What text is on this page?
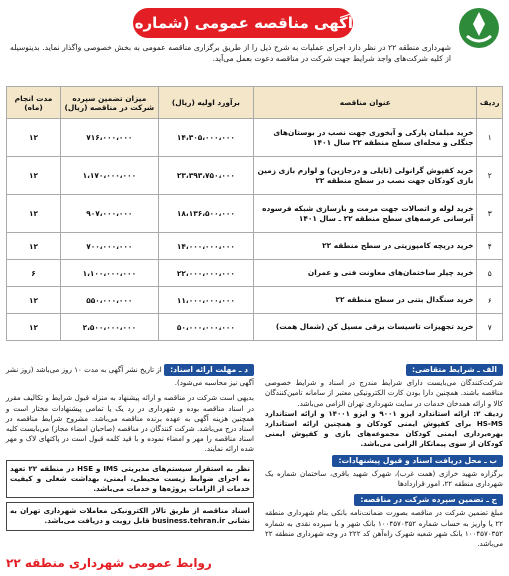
آگهی مناقصه عمومی (شماره ۲۱-۱۴۰۱)
شهرداری منطقه ۲۲ در نظر دارد اجرای عملیات به شرح ذیل را از طریق برگزاری مناقصه عمومی به بخش خصوصی واگذار نماید. بدینوسیله از کلیه شرکت‌های واجد شرایط جهت شرکت در مناقصه دعوت بعمل می‌آید.
ردیف	عنوان مناقصه	برآورد اولیه (ریال)	میزان تضمین سپرده شرکت در مناقصه (ریال)	مدت انجام (ماه)
۱	خرید مبلمان پارکی و آبخوری جهت نصب در بوستان‌های جنگلی و محله‌ای سطح منطقه ۲۲ سال ۱۴۰۱	۱۴،۳۰۵،۰۰۰،۰۰۰	۷۱۶،۰۰۰،۰۰۰	۱۲
۲	خرید کفپوش گرانولی (تایلی و درجازین) و لوازم بازی زمین بازی کودکان جهت نصب در سطح منطقه ۲۲	۲۳،۳۹۳،۷۵۰،۰۰۰	۱،۱۷۰،۰۰۰،۰۰۰	۱۲
۳	خرید لوله و اتصالات جهت مرمت و بازسازی شبکه فرسوده آبرسانی عرصه‌های سطح منطقه ۲۲ ـ سال ۱۴۰۱	۱۸،۱۳۶،۵۰۰،۰۰۰	۹۰۷،۰۰۰،۰۰۰	۱۲
۴	خرید دریچه کامپوزیتی در سطح منطقه ۲۲	۱۴،۰۰۰،۰۰۰،۰۰۰	۷۰۰،۰۰۰،۰۰۰	۱۲
۵	خرید چیلر ساختمان‌های معاونت فنی و عمران	۲۲،۰۰۰،۰۰۰،۰۰۰	۱،۱۰۰،۰۰۰،۰۰۰	۶
۶	خرید سنگدال بتنی در سطح منطقه ۲۲	۱۱،۰۰۰،۰۰۰،۰۰۰	۵۵۰،۰۰۰،۰۰۰	۱۲
۷	خرید تجهیزات تاسیسات برقی مسیل کن (شمال همت)	۵۰،۰۰۰،۰۰۰،۰۰۰	۲،۵۰۰،۰۰۰،۰۰۰	۱۲
الف ـ شرایط متقاضی:
شرکت‌کنندگان می‌بایست دارای شرایط مندرج در اسناد و شرایط خصوصی مناقصه باشند. همچنین دارا بودن کارت الکترونیکی معتبر از سامانه تامین‌کنندگان کالا و ارائه همدخان خدمات در سایت شهرداری تهران الزامی می‌باشد.
ردیف ۲: ارائه استاندارد ایزو ۹۰۰۱ و ایزو ۱۴۰۰۱ و ارائه استاندارد HS-MS برای کفپوش ایمنی کودکان و همچنین ارائه استاندارد بهره‌برداری ایمنی کودکان مجموعه‌های بازی و کفپوش ایمنی کودکان از سوی پیمانکار الزامی می‌باشد.
ب ـ محل دریافت اسناد و قبول پیشنهادات:
برگزاره شهید خرازی (همت غرب)، شهرک شهید باقری، ساختمان شماره یک شهرداری منطقه ۲۲، امور قراردادها
ج ـ تضمین سپرده شرکت در مناقصه:
مبلغ تضمین شرکت در مناقصه بصورت ضمانت‌نامه بانکی بنام شهرداری منطقه ۲۲ یا واریز به حساب شماره ۱۰۰۴۵۷۰۳۵۲ بانک شهر و یا سپرده نقدی به شماره ۱۰۰۴۵۷۰۳۵۲ بانک شهر شعبه شهرک راه‌آهن کد ۲۲۲ در وجه شهرداری منطقه ۲۲ می‌باشد.
د ـ مهلت ارائه اسناد: از تاریخ نشر آگهی به مدت ۱۰ روز می‌باشد (روز نشر آگهی نیز محاسبه می‌شود).
بدیهی است شرکت در مناقصه و ارائه پیشنهاد به منزله قبول شرایط و تکالیف مقرر در اسناد مناقصه بوده و شهرداری در رد یک یا تمامی پیشنهادات مختار است و همچنین هزینه آگهی به عهده برنده مناقصه می‌باشد. مشروح شرایط مناقصه در اسناد درج می‌باشد. شرکت کنندگان در مناقصه (صاحبان امضاء مجاز) می‌بایست کلیه اسناد مناقصه را مهر و امضاء نموده و با قید کلمه قبول است در پاکتهای لاک و مهر شده ارائه نمایند.
نظر به استقرار سیستم‌های مدیریتی IMS و HSE در منطقه ۲۲ تعهد به اجرای ضوابط زیست محیطی، ایمنی، بهداشت شغلی و کیفیت خدمات از الزامات پروژه‌ها و خدمات می‌باشد.
اسناد مناقصه از طریق تالار الکترونیکی معاملات شهرداری تهران به نشانی business.tehran.ir قابل رویت و دریافت می‌باشد.
روابط عمومی شهرداری منطقه ۲۲
